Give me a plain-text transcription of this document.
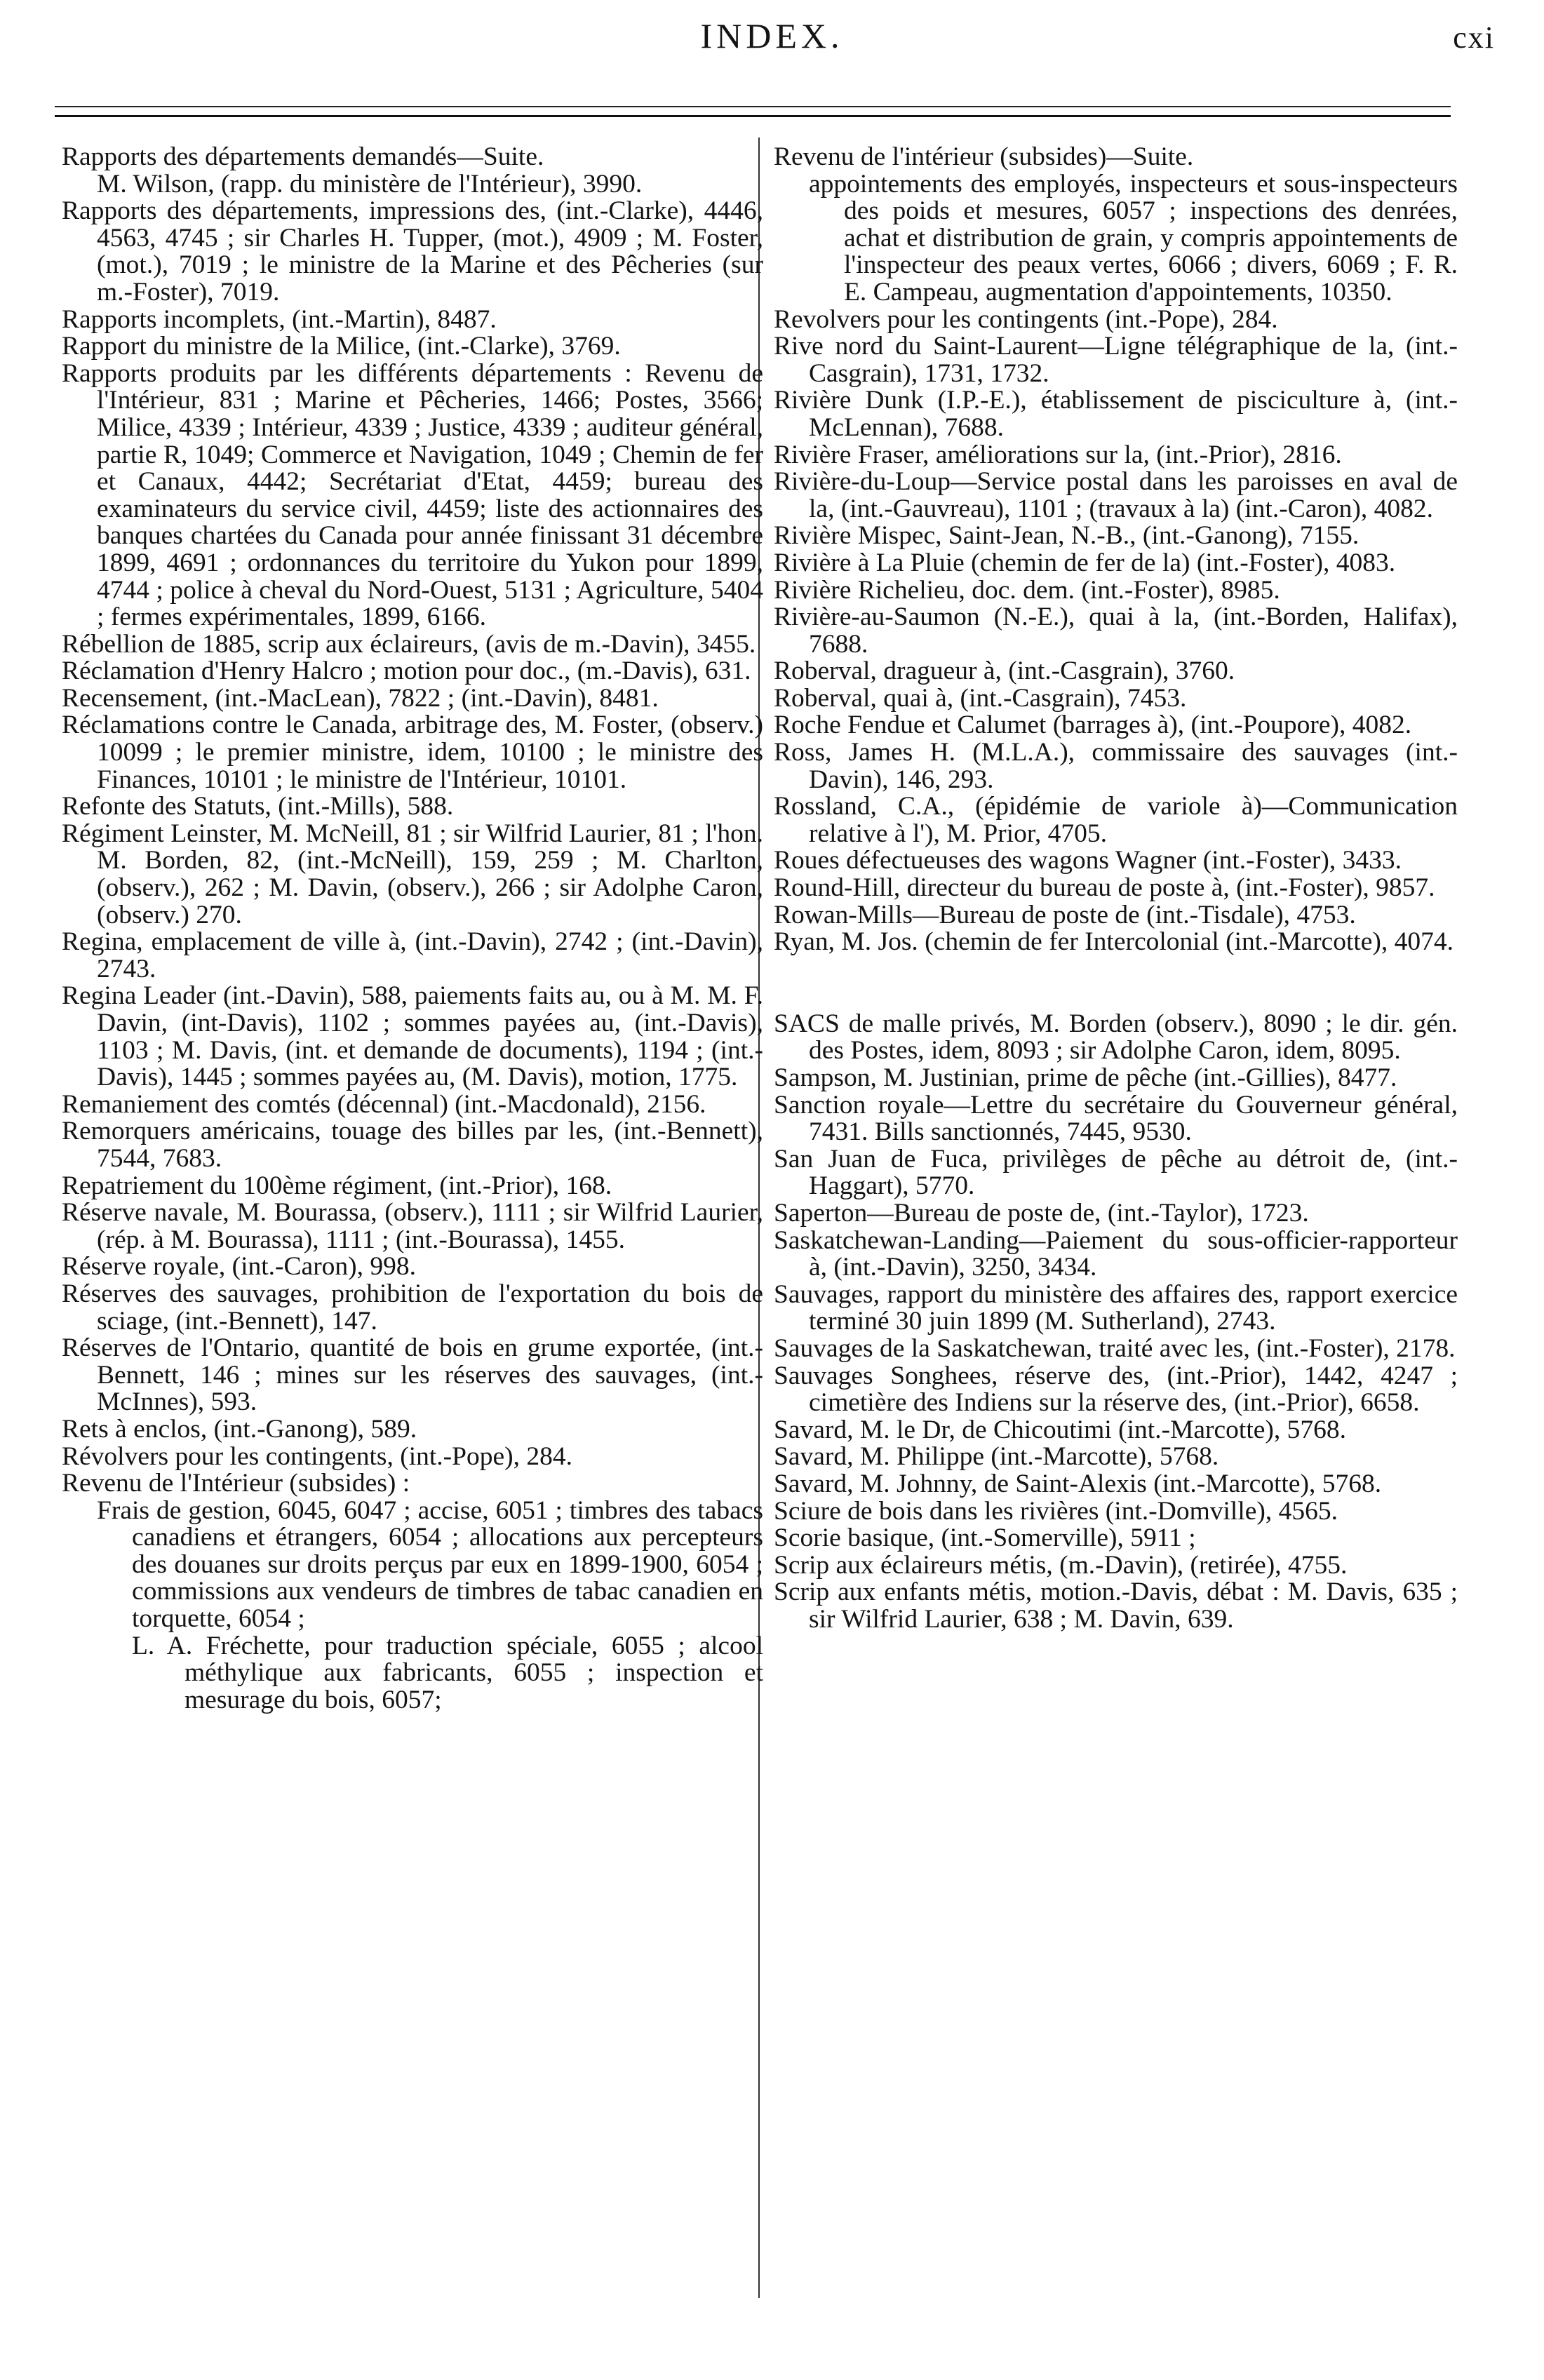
INDEX.	cxi
Rapports des départements demandés—Suite.
M. Wilson, (rapp. du ministère de l'Intérieur), 3990.
Rapports des départements, impressions des, (int.-Clarke), 4446, 4563, 4745 ; sir Charles H. Tupper, (mot.), 4909 ; M. Foster, (mot.), 7019 ; le ministre de la Marine et des Pêcheries (sur m.-Foster), 7019.
Rapports incomplets, (int.-Martin), 8487.
Rapport du ministre de la Milice, (int.-Clarke), 3769.
Rapports produits par les différents départements : Revenu de l'Intérieur, 831 ; Marine et Pêcheries, 1466; Postes, 3566; Milice, 4339 ; Intérieur, 4339 ; Justice, 4339 ; auditeur général, partie R, 1049; Commerce et Navigation, 1049 ; Chemin de fer et Canaux, 4442; Secrétariat d'Etat, 4459; bureau des examinateurs du service civil, 4459; liste des actionnaires des banques chartées du Canada pour année finissant 31 décembre 1899, 4691 ; ordonnances du territoire du Yukon pour 1899, 4744 ; police à cheval du Nord-Ouest, 5131 ; Agriculture, 5404 ; fermes expérimentales, 1899, 6166.
Rébellion de 1885, scrip aux éclaireurs, (avis de m.-Davin), 3455.
Réclamation d'Henry Halcro ; motion pour doc., (m.-Davis), 631.
Recensement, (int.-MacLean), 7822 ; (int.-Davin), 8481.
Réclamations contre le Canada, arbitrage des, M. Foster, (observ.) 10099 ; le premier ministre, idem, 10100 ; le ministre des Finances, 10101 ; le ministre de l'Intérieur, 10101.
Refonte des Statuts, (int.-Mills), 588.
Régiment Leinster, M. McNeill, 81 ; sir Wilfrid Laurier, 81 ; l'hon. M. Borden, 82, (int.-McNeill), 159, 259 ; M. Charlton, (observ.), 262 ; M. Davin, (observ.), 266 ; sir Adolphe Caron, (observ.) 270.
Regina, emplacement de ville à, (int.-Davin), 2742 ; (int.-Davin), 2743.
Regina Leader (int.-Davin), 588, paiements faits au, ou à M. M. F. Davin, (int-Davis), 1102 ; sommes payées au, (int.-Davis), 1103 ; M. Davis, (int. et demande de documents), 1194 ; (int.-Davis), 1445 ; sommes payées au, (M. Davis), motion, 1775.
Remaniement des comtés (décennal) (int.-Macdonald), 2156.
Remorquers américains, touage des billes par les, (int.-Bennett), 7544, 7683.
Repatriement du 100ème régiment, (int.-Prior), 168.
Réserve navale, M. Bourassa, (observ.), 1111 ; sir Wilfrid Laurier, (rép. à M. Bourassa), 1111 ; (int.-Bourassa), 1455.
Réserve royale, (int.-Caron), 998.
Réserves des sauvages, prohibition de l'exportation du bois de sciage, (int.-Bennett), 147.
Réserves de l'Ontario, quantité de bois en grume exportée, (int.-Bennett, 146 ; mines sur les réserves des sauvages, (int.-McInnes), 593.
Rets à enclos, (int.-Ganong), 589.
Révolvers pour les contingents, (int.-Pope), 284.
Revenu de l'Intérieur (subsides) :
Frais de gestion, 6045, 6047 ; accise, 6051 ; timbres des tabacs canadiens et étrangers, 6054 ; allocations aux percepteurs des douanes sur droits perçus par eux en 1899-1900, 6054 ; commissions aux vendeurs de timbres de tabac canadien en torquette, 6054 ;
L. A. Fréchette, pour traduction spéciale, 6055 ; alcool méthylique aux fabricants, 6055 ; inspection et mesurage du bois, 6057;
Revenu de l'intérieur (subsides)—Suite.
appointements des employés, inspecteurs et sous-inspecteurs des poids et mesures, 6057 ; inspections des denrées, achat et distribution de grain, y compris appointements de l'inspecteur des peaux vertes, 6066 ; divers, 6069 ; F. R. E. Campeau, augmentation d'appointements, 10350.
Revolvers pour les contingents (int.-Pope), 284.
Rive nord du Saint-Laurent—Ligne télégraphique de la, (int.-Casgrain), 1731, 1732.
Rivière Dunk (I.P.-E.), établissement de pisciculture à, (int.-McLennan), 7688.
Rivière Fraser, améliorations sur la, (int.-Prior), 2816.
Rivière-du-Loup—Service postal dans les paroisses en aval de la, (int.-Gauvreau), 1101 ; (travaux à la) (int.-Caron), 4082.
Rivière Mispec, Saint-Jean, N.-B., (int.-Ganong), 7155.
Rivière à La Pluie (chemin de fer de la) (int.-Foster), 4083.
Rivière Richelieu, doc. dem. (int.-Foster), 8985.
Rivière-au-Saumon (N.-E.), quai à la, (int.-Borden, Halifax), 7688.
Roberval, dragueur à, (int.-Casgrain), 3760.
Roberval, quai à, (int.-Casgrain), 7453.
Roche Fendue et Calumet (barrages à), (int.-Poupore), 4082.
Ross, James H. (M.L.A.), commissaire des sauvages (int.-Davin), 146, 293.
Rossland, C.A., (épidémie de variole à)—Communication relative à l'), M. Prior, 4705.
Roues défectueuses des wagons Wagner (int.-Foster), 3433.
Round-Hill, directeur du bureau de poste à, (int.-Foster), 9857.
Rowan-Mills—Bureau de poste de (int.-Tisdale), 4753.
Ryan, M. Jos. (chemin de fer Intercolonial (int.-Marcotte), 4074.
SACS de malle privés, M. Borden (observ.), 8090 ; le dir. gén. des Postes, idem, 8093 ; sir Adolphe Caron, idem, 8095.
Sampson, M. Justinian, prime de pêche (int.-Gillies), 8477.
Sanction royale—Lettre du secrétaire du Gouverneur général, 7431. Bills sanctionnés, 7445, 9530.
San Juan de Fuca, privilèges de pêche au détroit de, (int.-Haggart), 5770.
Saperton—Bureau de poste de, (int.-Taylor), 1723.
Saskatchewan-Landing—Paiement du sous-officier-rapporteur à, (int.-Davin), 3250, 3434.
Sauvages, rapport du ministère des affaires des, rapport exercice terminé 30 juin 1899 (M. Sutherland), 2743.
Sauvages de la Saskatchewan, traité avec les, (int.-Foster), 2178.
Sauvages Songhees, réserve des, (int.-Prior), 1442, 4247 ; cimetière des Indiens sur la réserve des, (int.-Prior), 6658.
Savard, M. le Dr, de Chicoutimi (int.-Marcotte), 5768.
Savard, M. Philippe (int.-Marcotte), 5768.
Savard, M. Johnny, de Saint-Alexis (int.-Marcotte), 5768.
Sciure de bois dans les rivières (int.-Domville), 4565.
Scorie basique, (int.-Somerville), 5911 ;
Scrip aux éclaireurs métis, (m.-Davin), (retirée), 4755.
Scrip aux enfants métis, motion.-Davis, débat : M. Davis, 635 ; sir Wilfrid Laurier, 638 ; M. Davin, 639.
